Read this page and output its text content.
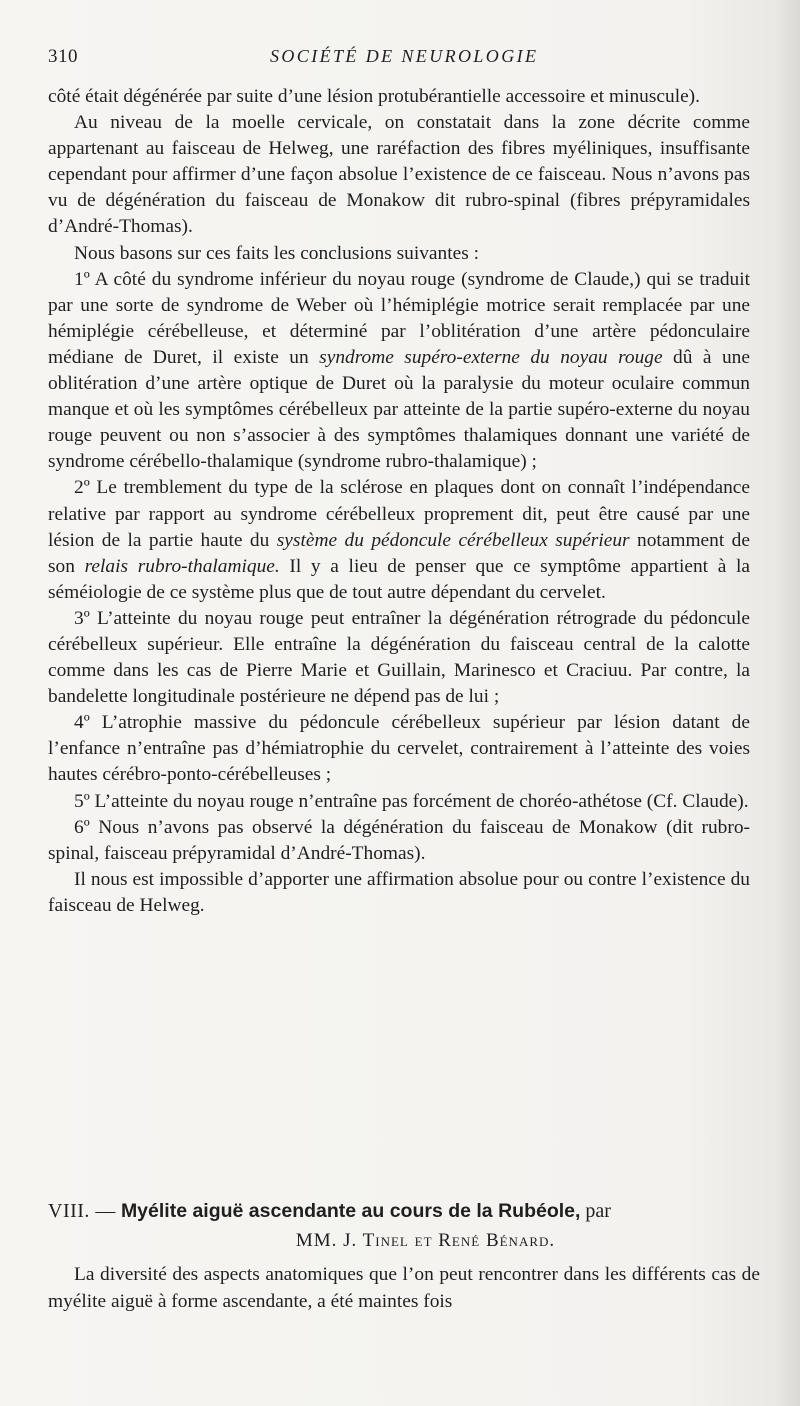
310	SOCIÉTÉ DE NEUROLOGIE

côté était dégénérée par suite d’une lésion protubérantielle accessoire et minuscule).

Au niveau de la moelle cervicale, on constatait dans la zone décrite comme appartenant au faisceau de Helweg, une raréfaction des fibres myéliniques, insuffisante cependant pour affirmer d’une façon absolue l’existence de ce faisceau. Nous n’avons pas vu de dégénération du faisceau de Monakow dit rubro-spinal (fibres prépyramidales d’André-Thomas).

Nous basons sur ces faits les conclusions suivantes :

1º A côté du syndrome inférieur du noyau rouge (syndrome de Claude,) qui se traduit par une sorte de syndrome de Weber où l’hémiplégie motrice serait remplacée par une hémiplégie cérébelleuse, et déterminé par l’oblitération d’une artère pédonculaire médiane de Duret, il existe un syndrome supéro-externe du noyau rouge dû à une oblitération d’une artère optique de Duret où la paralysie du moteur oculaire commun manque et où les symptômes cérébelleux par atteinte de la partie supéro-externe du noyau rouge peuvent ou non s’associer à des symptômes thalamiques donnant une variété de syndrome cérébello-thalamique (syndrome rubro-thalamique) ;

2º Le tremblement du type de la sclérose en plaques dont on connaît l’indépendance relative par rapport au syndrome cérébelleux proprement dit, peut être causé par une lésion de la partie haute du système du pédoncule cérébelleux supérieur notamment de son relais rubro-thalamique. Il y a lieu de penser que ce symptôme appartient à la séméiologie de ce système plus que de tout autre dépendant du cervelet.

3º L’atteinte du noyau rouge peut entraîner la dégénération rétrograde du pédoncule cérébelleux supérieur. Elle entraîne la dégénération du faisceau central de la calotte comme dans les cas de Pierre Marie et Guillain, Marinesco et Craciuu. Par contre, la bandelette longitudinale postérieure ne dépend pas de lui ;

4º L’atrophie massive du pédoncule cérébelleux supérieur par lésion datant de l’enfance n’entraîne pas d’hémiatrophie du cervelet, contrairement à l’atteinte des voies hautes cérébro-ponto-cérébelleuses ;

5º L’atteinte du noyau rouge n’entraîne pas forcément de choréo-athétose (Cf. Claude).

6º Nous n’avons pas observé la dégénération du faisceau de Monakow (dit rubro-spinal, faisceau prépyramidal d’André-Thomas).

Il nous est impossible d’apporter une affirmation absolue pour ou contre l’existence du faisceau de Helweg.

VIII. — Myélite aiguë ascendante au cours de la Rubéole, par
MM. J. Tinel et René Bénard.

La diversité des aspects anatomiques que l’on peut rencontrer dans les différents cas de myélite aiguë à forme ascendante, a été maintes fois
